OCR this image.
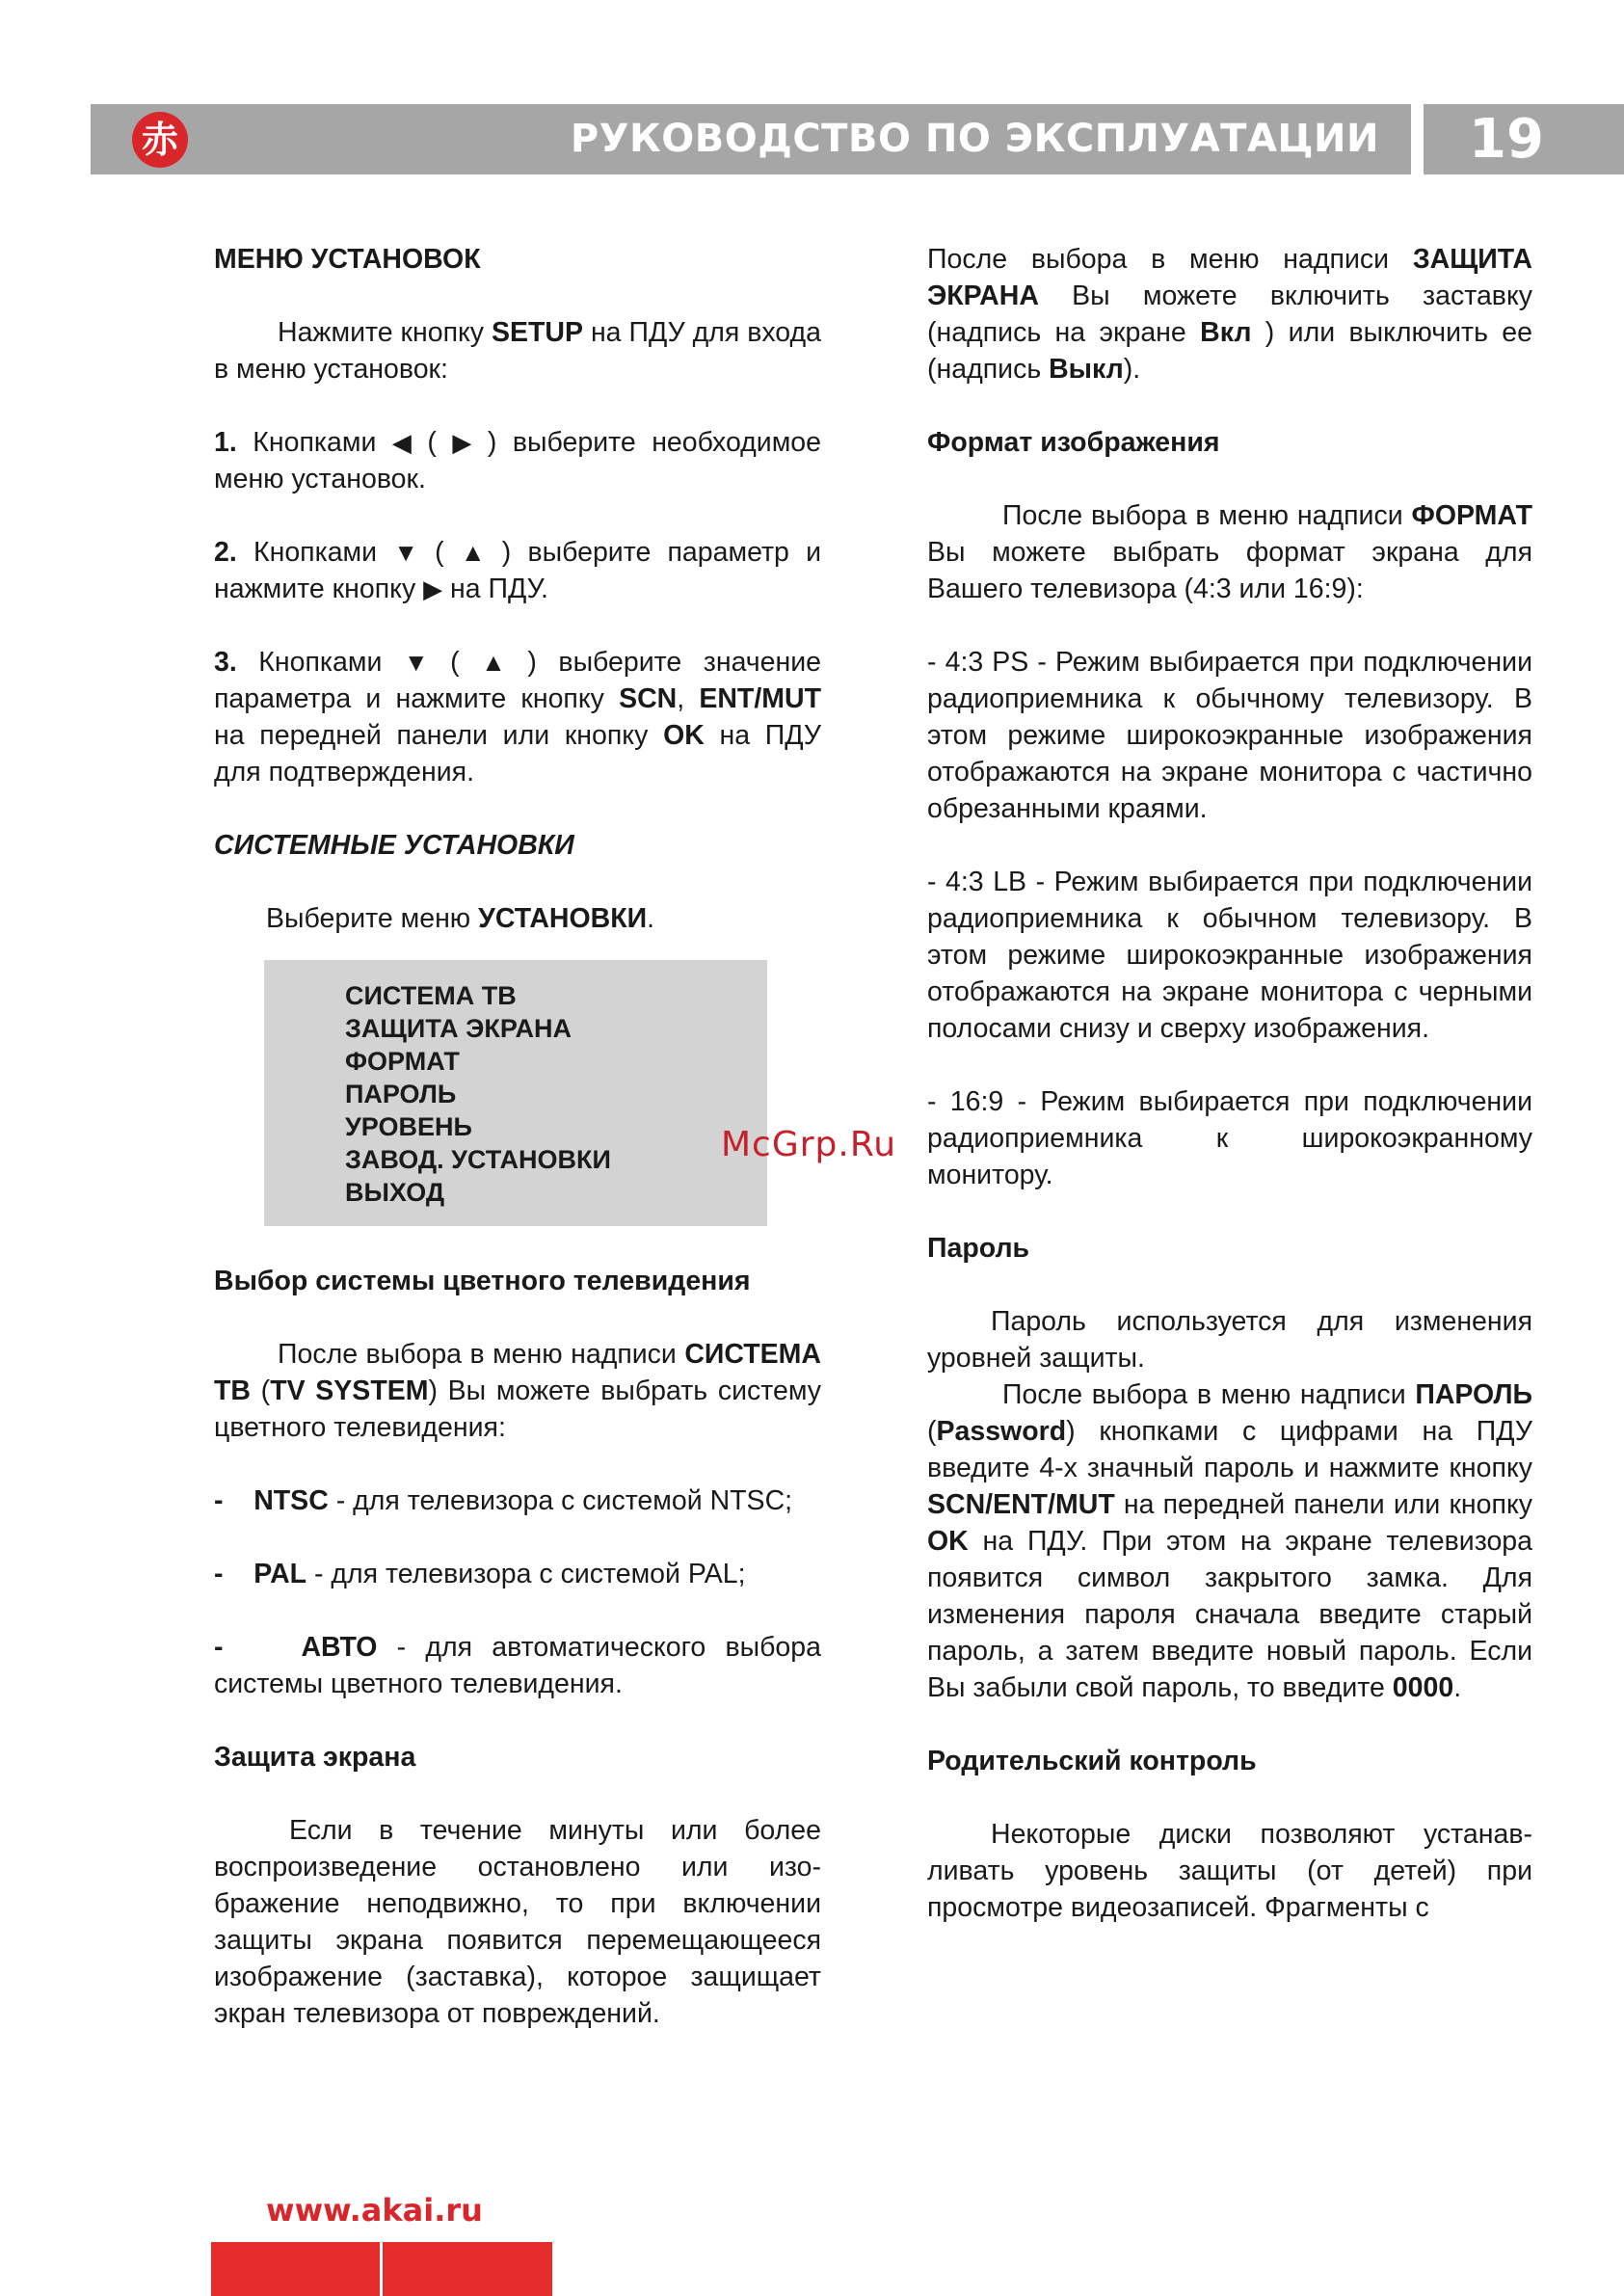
赤	РУКОВОДСТВО ПО ЭКСПЛУАТАЦИИ	19
МЕНЮ УСТАНОВОК

Нажмите кнопку SETUP на ПДУ для входа в меню установок:

1. Кнопками ◀ ( ▶ ) выберите необходимое меню установок.

2. Кнопками ▼ ( ▲ ) выберите параметр и нажмите кнопку ▶ на ПДУ.

3. Кнопками ▼ ( ▲ ) выберите значение параметра и нажмите кнопку SCN, ENT/MUT на передней панели или кнопку OK на ПДУ для подтверждения.

СИСТЕМНЫЕ УСТАНОВКИ

Выберите меню УСТАНОВКИ.

СИСТЕМА ТВ
ЗАЩИТА ЭКРАНА
ФОРМАТ
ПАРОЛЬ
УРОВЕНЬ
ЗАВОД. УСТАНОВКИ
ВЫХОД
Выбор системы цветного телевидения

После выбора в меню надписи СИСТЕМА ТВ (TV SYSTEM) Вы можете выбрать систему цветного телевидения:

- NTSC - для телевизора с системой NTSC;

- PAL - для телевизора с системой PAL;

-	АВТО - для автоматического выбора системы цветного телевидения.

Защита экрана

Если в течение минуты или более воспроизведение остановлено или изображение неподвижно, то при включении защиты экрана появится перемещающееся изображение (заставка), которое защищает экран телевизора от повреждений.

После выбора в меню надписи ЗАЩИТА ЭКРАНА Вы можете включить заставку (надпись на экране Вкл ) или выключить ее (надпись Выкл).

Формат изображения

После выбора в меню надписи ФОРМАТ Вы можете выбрать формат экрана для Вашего телевизора (4:3 или 16:9):

- 4:3 PS - Режим выбирается при подключении радиоприемника к обычному телевизору. В этом режиме широкоэкранные изображения отображаются на экране монитора с частично обрезанными краями.

- 4:3 LB - Режим выбирается при подключении радиоприемника к обычном телевизору. В этом режиме широкоэкранные изображения отображаются на экране монитора с черными полосами снизу и сверху изображения.

- 16:9 - Режим выбирается при подключении радиоприемника к широкоэкранному монитору.

Пароль

Пароль используется для изменения уровней защиты.

После выбора в меню надписи ПАРОЛЬ (Password) кнопками с цифрами на ПДУ введите 4-х значный пароль и нажмите кнопку SCN/ENT/MUT на передней панели или кнопку OK на ПДУ. При этом на экране телевизора появится символ закрытого замка. Для изменения пароля сначала введите старый пароль, а затем введите новый пароль. Если Вы забыли свой пароль, то введите 0000.

Родительский контроль

Некоторые диски позволяют устанавливать уровень защиты (от детей) при просмотре видеозаписей. Фрагменты с

McGrp.Ru
www.akai.ru
